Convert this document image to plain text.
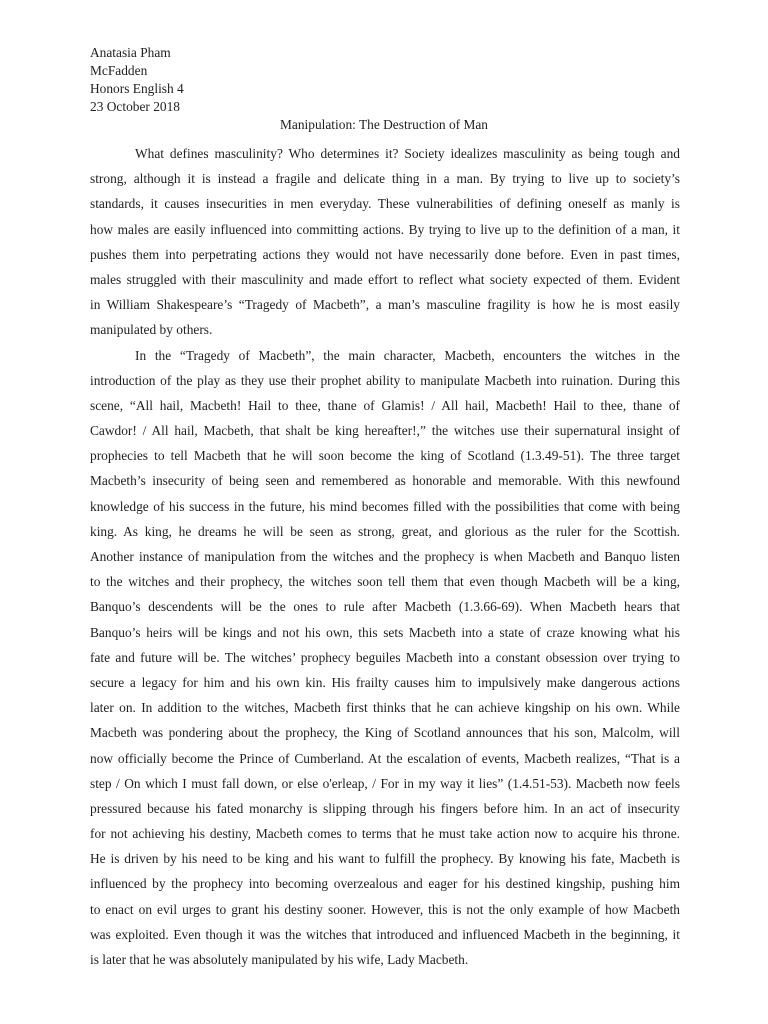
Anatasia Pham
McFadden
Honors English 4
23 October 2018
Manipulation: The Destruction of Man
What defines masculinity? Who determines it? Society idealizes masculinity as being tough and
strong, although it is instead a fragile and delicate thing in a man. By trying to live up to society’s
standards, it causes insecurities in men everyday. These vulnerabilities of defining oneself as manly is
how males are easily influenced into committing actions. By trying to live up to the definition of a man, it
pushes them into perpetrating actions they would not have necessarily done before. Even in past times,
males struggled with their masculinity and made effort to reflect what society expected of them. Evident
in William Shakespeare’s “Tragedy of Macbeth”, a man’s masculine fragility is how he is most easily
manipulated by others.
In the “Tragedy of Macbeth”, the main character, Macbeth, encounters the witches in the
introduction of the play as they use their prophet ability to manipulate Macbeth into ruination. During this
scene, “All hail, Macbeth! Hail to thee, thane of Glamis! / All hail, Macbeth! Hail to thee, thane of
Cawdor! / All hail, Macbeth, that shalt be king hereafter!,” the witches use their supernatural insight of
prophecies to tell Macbeth that he will soon become the king of Scotland (1.3.49-51). The three target
Macbeth’s insecurity of being seen and remembered as honorable and memorable. With this newfound
knowledge of his success in the future, his mind becomes filled with the possibilities that come with being
king. As king, he dreams he will be seen as strong, great, and glorious as the ruler for the Scottish.
Another instance of manipulation from the witches and the prophecy is when Macbeth and Banquo listen
to the witches and their prophecy, the witches soon tell them that even though Macbeth will be a king,
Banquo’s descendents will be the ones to rule after Macbeth (1.3.66-69). When Macbeth hears that
Banquo’s heirs will be kings and not his own, this sets Macbeth into a state of craze knowing what his
fate and future will be. The witches’ prophecy beguiles Macbeth into a constant obsession over trying to
secure a legacy for him and his own kin. His frailty causes him to impulsively make dangerous actions
later on. In addition to the witches, Macbeth first thinks that he can achieve kingship on his own. While
Macbeth was pondering about the prophecy, the King of Scotland announces that his son, Malcolm, will
now officially become the Prince of Cumberland. At the escalation of events, Macbeth realizes, “That is a
step / On which I must fall down, or else o'erleap, / For in my way it lies” (1.4.51-53). Macbeth now feels
pressured because his fated monarchy is slipping through his fingers before him. In an act of insecurity
for not achieving his destiny, Macbeth comes to terms that he must take action now to acquire his throne.
He is driven by his need to be king and his want to fulfill the prophecy. By knowing his fate, Macbeth is
influenced by the prophecy into becoming overzealous and eager for his destined kingship, pushing him
to enact on evil urges to grant his destiny sooner. However, this is not the only example of how Macbeth
was exploited. Even though it was the witches that introduced and influenced Macbeth in the beginning, it
is later that he was absolutely manipulated by his wife, Lady Macbeth.
